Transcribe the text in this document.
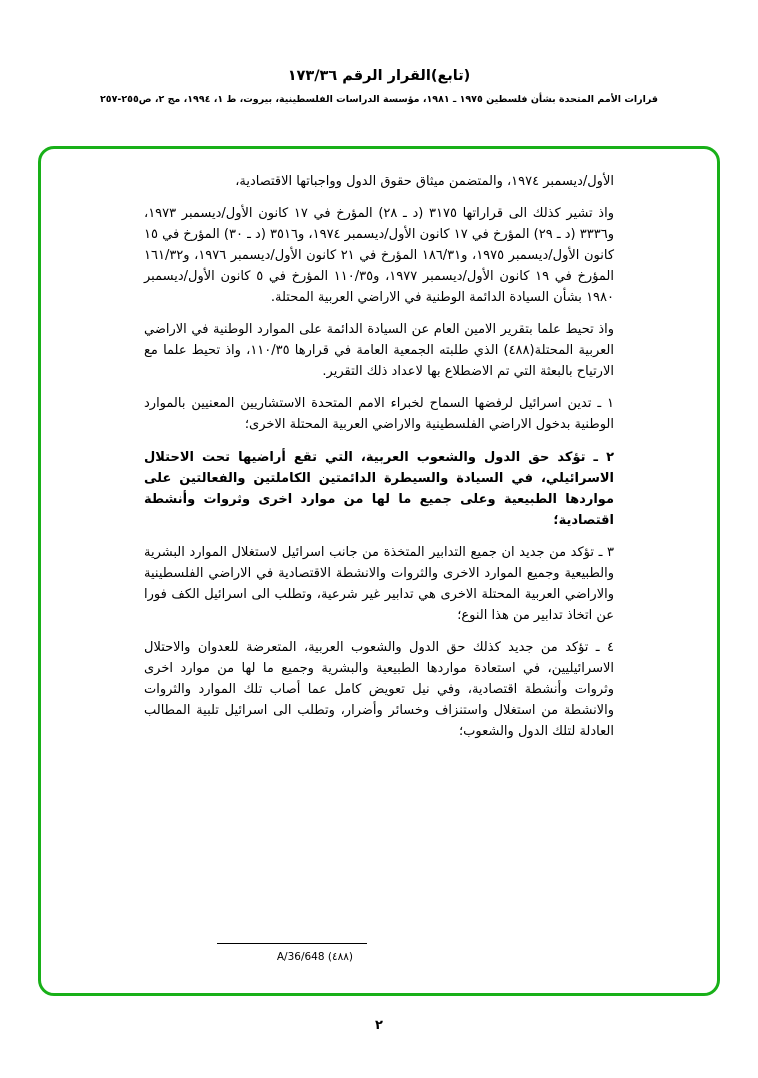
(تابع)القرار الرقم ١٧٣/٣٦
قرارات الأمم المتحدة بشأن فلسطين ١٩٧٥ ـ ١٩٨١، مؤسسة الدراسات الفلسطينية، بيروت، ط ١، ١٩٩٤، مج ٢، ص٢٥٥-٢٥٧

الأول/ديسمبر ١٩٧٤، والمتضمن ميثاق حقوق الدول وواجباتها الاقتصادية،

واذ تشير كذلك الى قراراتها ٣١٧٥ (د ـ ٢٨) المؤرخ في ١٧ كانون الأول/ديسمبر ١٩٧٣، و٣٣٣٦ (د ـ ٢٩) المؤرخ في ١٧ كانون الأول/ديسمبر ١٩٧٤، و٣٥١٦ (د ـ ٣٠) المؤرخ في ١٥ كانون الأول/ديسمبر ١٩٧٥، و١٨٦/٣١ المؤرخ في ٢١ كانون الأول/ديسمبر ١٩٧٦، و١٦١/٣٢ المؤرخ في ١٩ كانون الأول/ديسمبر ١٩٧٧، و١١٠/٣٥ المؤرخ في ٥ كانون الأول/ديسمبر ١٩٨٠ بشأن السيادة الدائمة الوطنية في الاراضي العربية المحتلة.

واذ تحيط علما بتقرير الامين العام عن السيادة الدائمة على الموارد الوطنية في الاراضي العربية المحتلة(٤٨٨) الذي طلبته الجمعية العامة في قرارها ١١٠/٣٥، واذ تحيط علما مع الارتياح بالبعثة التي تم الاضطلاع بها لاعداد ذلك التقرير.

١ ـ تدين اسرائيل لرفضها السماح لخبراء الامم المتحدة الاستشاريين المعنيين بالموارد الوطنية بدخول الاراضي الفلسطينية والاراضي العربية المحتلة الاخرى؛

٢ ـ تؤكد حق الدول والشعوب العربية، التي تقع أراضيها تحت الاحتلال الاسرائيلي، في السيادة والسيطرة الدائمتين الكاملتين والفعالتين على مواردها الطبيعية وعلى جميع ما لها من موارد اخرى وثروات وأنشطة اقتصادية؛

٣ ـ تؤكد من جديد ان جميع التدابير المتخذة من جانب اسرائيل لاستغلال الموارد البشرية والطبيعية وجميع الموارد الاخرى والثروات والانشطة الاقتصادية في الاراضي الفلسطينية والاراضي العربية المحتلة الاخرى هي تدابير غير شرعية، وتطلب الى اسرائيل الكف فورا عن اتخاذ تدابير من هذا النوع؛

٤ ـ تؤكد من جديد كذلك حق الدول والشعوب العربية، المتعرضة للعدوان والاحتلال الاسرائيليين، في استعادة مواردها الطبيعية والبشرية وجميع ما لها من موارد اخرى وثروات وأنشطة اقتصادية، وفي نيل تعويض كامل عما أصاب تلك الموارد والثروات والانشطة من استغلال واستنزاف وخسائر وأضرار، وتطلب الى اسرائيل تلبية المطالب العادلة لتلك الدول والشعوب؛

A/36/648 (٤٨٨)
٢
